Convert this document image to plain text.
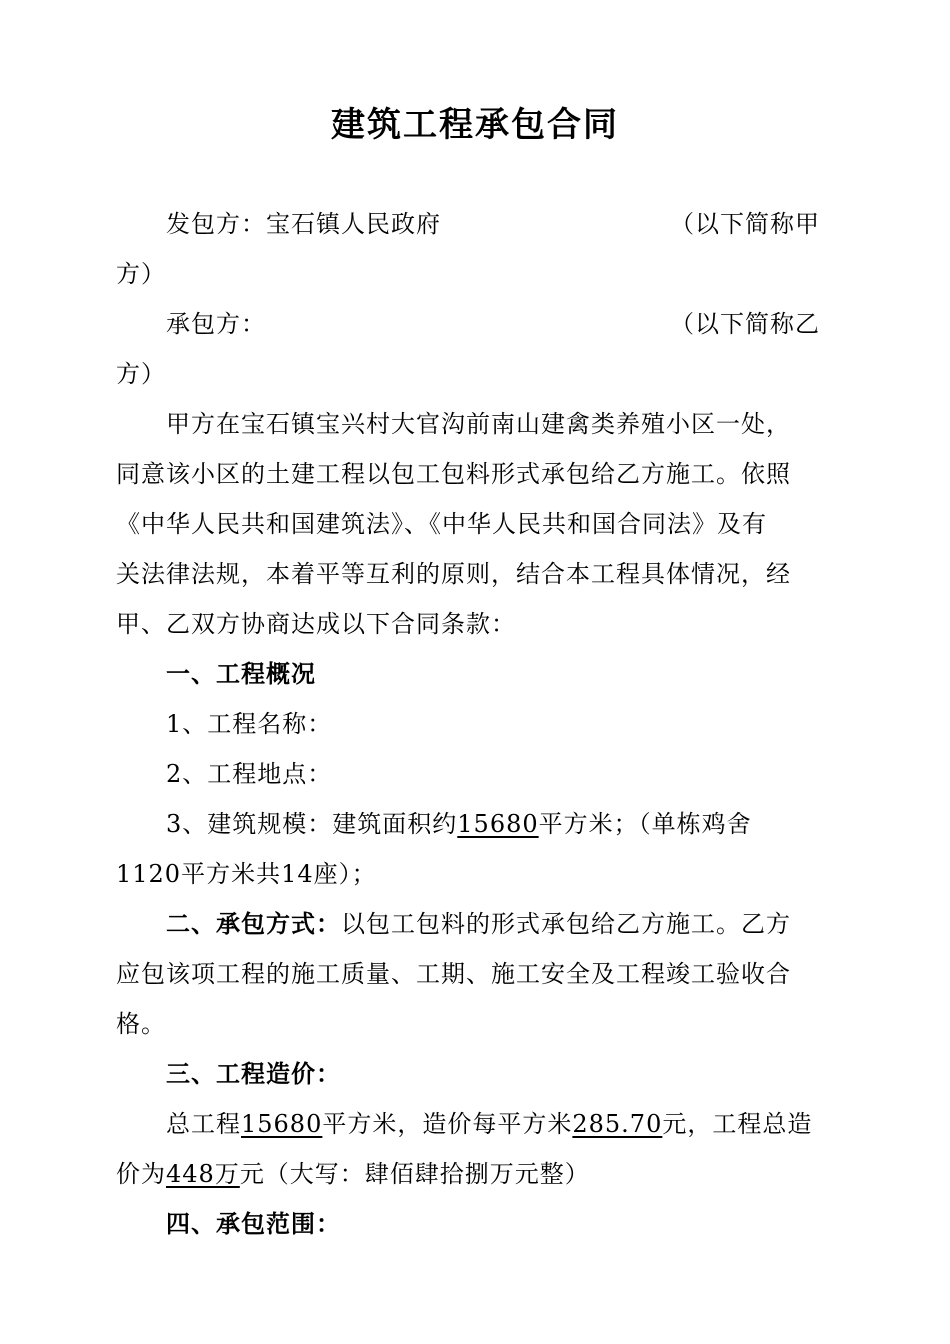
建筑工程承包合同
发包方：宝石镇人民政府	（以下简称甲
方）
承包方：	（以下简称乙
方）
甲方在宝石镇宝兴村大官沟前南山建禽类养殖小区一处，
同意该小区的土建工程以包工包料形式承包给乙方施工。依照
《中华人民共和国建筑法》、《中华人民共和国合同法》及有
关法律法规，本着平等互利的原则，结合本工程具体情况，经
甲、乙双方协商达成以下合同条款：
一、工程概况
1、工程名称：
2、工程地点：
3、建筑规模：建筑面积约15680平方米；（单栋鸡舍
1120平方米共14座）；
二、承包方式：以包工包料的形式承包给乙方施工。乙方
应包该项工程的施工质量、工期、施工安全及工程竣工验收合
格。
三、工程造价：
总工程15680平方米，造价每平方米285.70元，工程总造
价为448万元（大写：肆佰肆拾捌万元整）
四、承包范围：
